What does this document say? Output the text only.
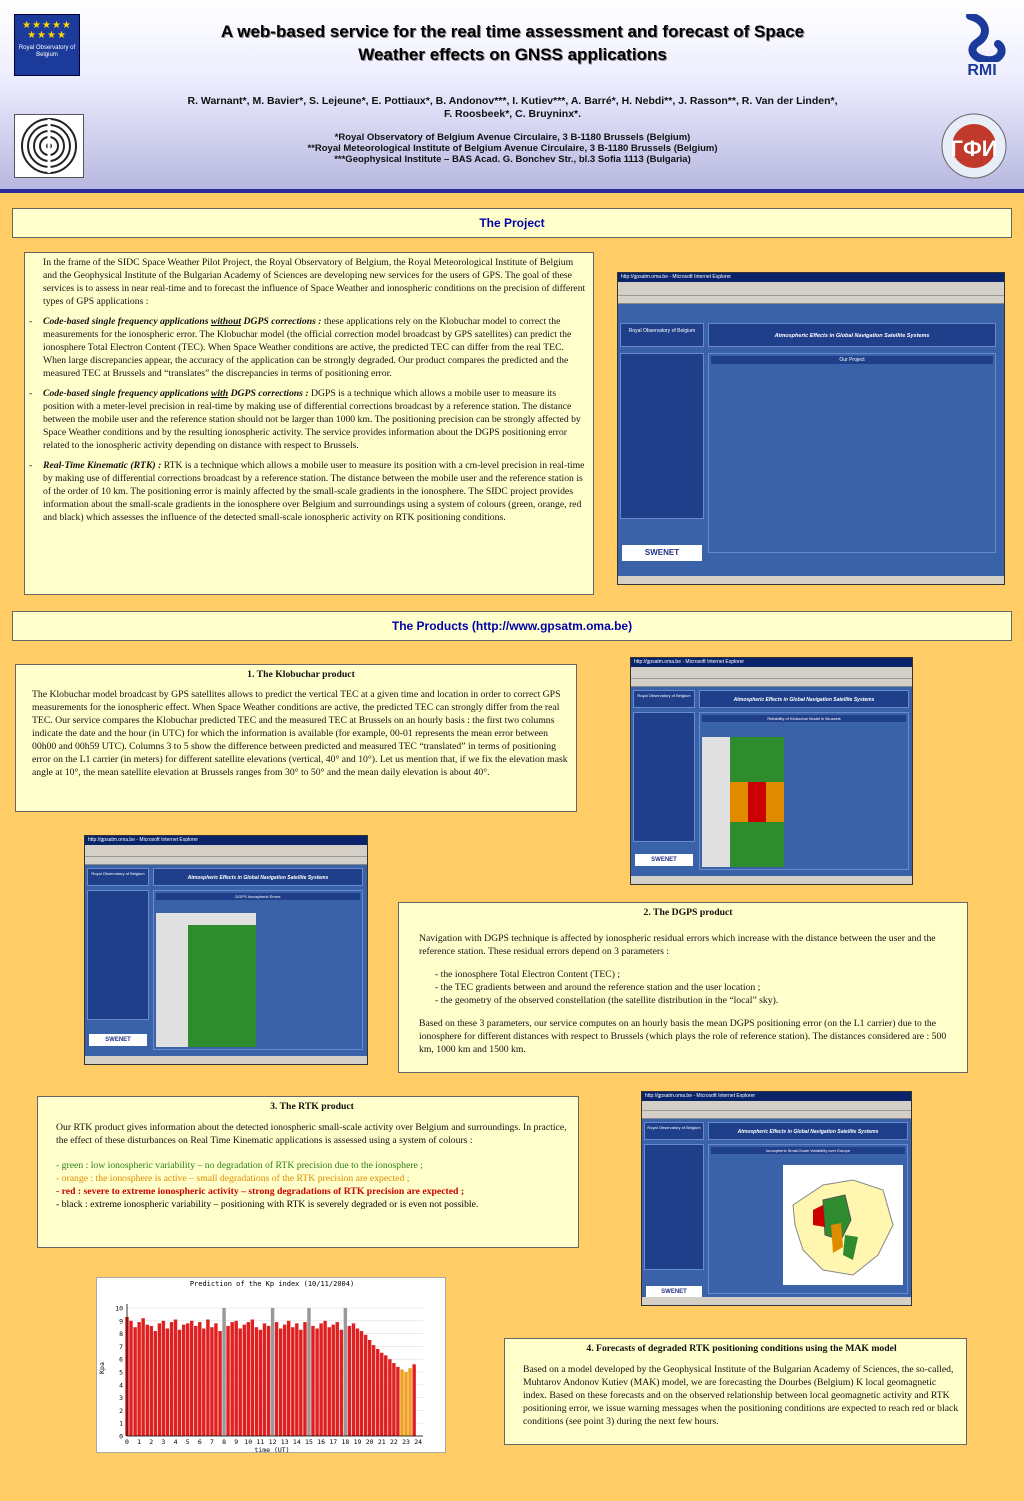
★★★★★
★★★★
Royal Observatory of Belgium
A web-based service for the real time assessment and forecast of Space
Weather effects on GNSS applications
R. Warnant*, M. Bavier*, S. Lejeune*, E. Pottiaux*, B. Andonov***, I. Kutiev***, A. Barré*, H. Nebdi**, J. Rasson**, R. Van der Linden*,
F. Roosbeek*, C. Bruyninx*.
*Royal Observatory of Belgium Avenue Circulaire, 3 B-1180 Brussels (Belgium)
**Royal Meteorological Institute of Belgium Avenue Circulaire, 3 B-1180 Brussels (Belgium)
***Geophysical Institute – BAS Acad. G. Bonchev Str., bl.3 Sofia 1113 (Bulgaria)
RMI
ГФИ
The Project

In the frame of the SIDC Space Weather Pilot Project, the Royal Observatory of Belgium, the Royal Meteorological Institute of Belgium and the Geophysical Institute of the Bulgarian Academy of Sciences are developing new services for the users of GPS. The goal of these services is to assess in near real-time and to forecast the influence of Space Weather and ionospheric conditions on the precision of different types of GPS applications :

- Code-based single frequency applications without DGPS corrections : these applications rely on the Klobuchar model to correct the measurements for the ionospheric error. The Klobuchar model (the official correction model broadcast by GPS satellites) can predict the ionosphere Total Electron Content (TEC). When Space Weather conditions are active, the predicted TEC can differ from the real TEC. When large discrepancies appear, the accuracy of the application can be strongly degraded. Our product compares the predicted and the measured TEC at Brussels and “translates” the discrepancies in terms of positioning error.

- Code-based single frequency applications with DGPS corrections : DGPS is a technique which allows a mobile user to measure its position with a meter-level precision in real-time by making use of differential corrections broadcast by a reference station. The distance between the mobile user and the reference station should not be larger than 1000 km. The positioning precision can be strongly affected by Space Weather conditions and by the resulting ionospheric activity. The service provides information about the DGPS positioning error related to the ionospheric activity depending on distance with respect to Brussels.

- Real-Time Kinematic (RTK) : RTK is a technique which allows a mobile user to measure its position with a cm-level precision in real-time by making use of differential corrections broadcast by a reference station. The distance between the mobile user and the reference station is of the order of 10 km. The positioning error is mainly affected by the small-scale gradients in the ionosphere. The SIDC project provides information about the small-scale gradients in the ionosphere over Belgium and surroundings using a system of colours (green, orange, red and black) which assesses the influence of the detected small-scale ionospheric activity on RTK positioning conditions.

http://gpsatm.oma.be - Microsoft Internet Explorer
Royal Observatory of Belgium
Atmospheric Effects in Global Navigation Satellite Systems
Our Project
SWENET
The Products (http://www.gpsatm.oma.be)

1. The Klobuchar product

The Klobuchar model broadcast by GPS satellites allows to predict the vertical TEC at a given time and location in order to correct GPS measurements for the ionospheric effect. When Space Weather conditions are active, the predicted TEC can strongly differ from the real TEC. Our service compares the Klobuchar predicted TEC and the measured TEC at Brussels on an hourly basis : the first two columns indicate the date and the hour (in UTC) for which the information is available (for example, 00-01 represents the mean error between 00h00 and 00h59 UTC). Columns 3 to 5 show the difference between predicted and measured TEC “translated” in terms of positioning error on the L1 carrier (in meters) for different satellite elevations (vertical, 40° and 10°). Let us mention that, if we fix the elevation mask angle at 10°, the mean satellite elevation at Brussels ranges from 30° to 50° and the mean daily elevation is about 40°.

http://gpsatm.oma.be - Microsoft Internet Explorer
Royal Observatory of Belgium
Atmospheric Effects in Global Navigation Satellite Systems
Reliability of Klobuchar Model in Brussels
SWENET
http://gpsatm.oma.be - Microsoft Internet Explorer
Royal Observatory of Belgium
Atmospheric Effects in Global Navigation Satellite Systems
DGPS Ionospheric Errors
SWENET

2. The DGPS product

Navigation with DGPS technique is affected by ionospheric residual errors which increase with the distance between the user and the reference station. These residual errors depend on 3 parameters :

- the ionosphere Total Electron Content (TEC) ;

- the TEC gradients between and around the reference station and the user location ;

- the geometry of the observed constellation (the satellite distribution in the “local” sky).

Based on these 3 parameters, our service computes on an hourly basis the mean DGPS positioning error (on the L1 carrier) due to the ionosphere for different distances with respect to Brussels (which plays the role of reference station). The distances considered are : 500 km, 1000 km and 1500 km.

3. The RTK product

Our RTK product gives information about the detected ionospheric small-scale activity over Belgium and surroundings. In practice, the effect of these disturbances on Real Time Kinematic applications is assessed using a system of colours :

- green : low ionospheric variability – no degradation of RTK precision due to the ionosphere ;

- orange : the ionosphere is active – small degradations of the RTK precision are expected ;

- red : severe to extreme ionospheric activity – strong degradations of RTK precision are expected ;

- black : extreme ionospheric variability – positioning with RTK is severely degraded or is even not possible.

http://gpsatm.oma.be - Microsoft Internet Explorer
Royal Observatory of Belgium
Atmospheric Effects in Global Navigation Satellite Systems
Ionospheric Small-Scale Variability over Europe
SWENET
Prediction of the Kp index (10/11/2004)
time (UT)
Kpa
0
1
2
3
4
5
6
7
8
9
10
0 1 2 3 4 5 6 7 8 9 10 11 12 13 14 15 16 17 18 19 20 21 22 23 24

4. Forecasts of degraded RTK positioning conditions using the MAK model

Based on a model developed by the Geophysical Institute of the Bulgarian Academy of Sciences, the so-called, Muhtarov Andonov Kutiev (MAK) model, we are forecasting the Dourbes (Belgium) K local geomagnetic index. Based on these forecasts and on the observed relationship between local geomagnetic activity and RTK positioning error, we issue warning messages when the positioning conditions are expected to reach red or black conditions (see point 3) during the next few hours.
